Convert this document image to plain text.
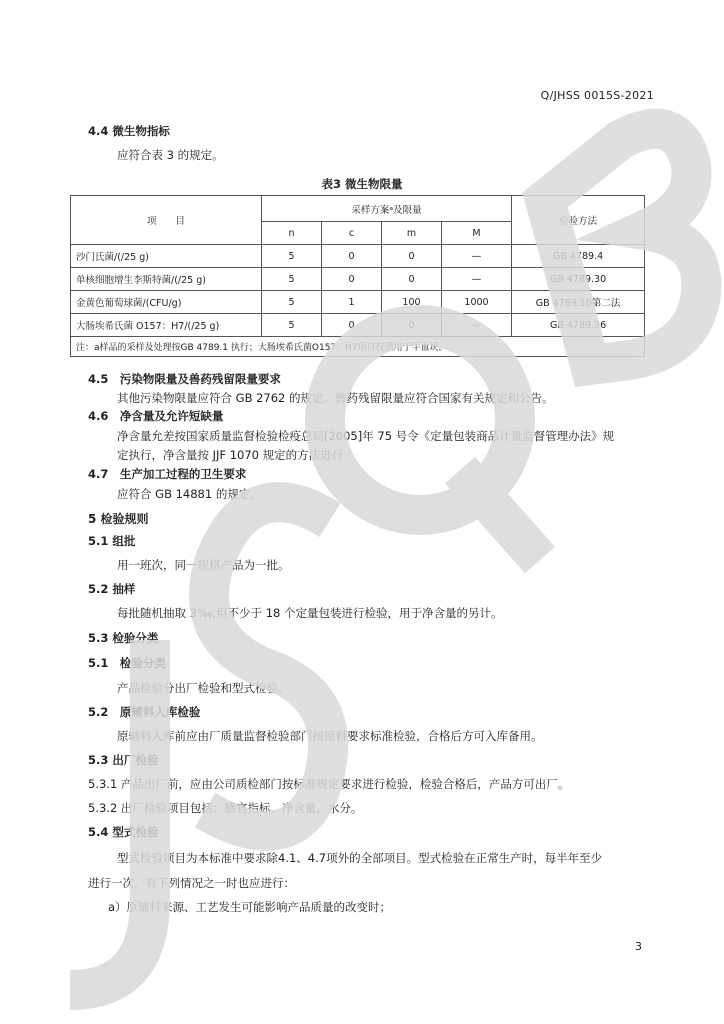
Q/JHSS 0015S-2021
4.4 微生物指标
应符合表 3 的规定。
表3 微生物限量
项　　目	采样方案ᵃ及限量				检验方法
	n	c	m	M	
沙门氏菌/(/25 g)	5	0	0	—	GB 4789.4
单核细胞增生李斯特菌/(/25 g)	5	0	0	—	GB 4789.30
金黄色葡萄球菌/(CFU/g)	5	1	100	1000	GB 4789.10第二法
大肠埃希氏菌 O157：H7/(/25 g)	5	0	0	—	GB 4789.36
注：a样品的采样及处理按GB 4789.1 执行；大肠埃希氏菌O157：H7项目仅适用于牛血块。					
4.5　污染物限量及兽药残留限量要求
其他污染物限量应符合 GB 2762 的规定。兽药残留限量应符合国家有关规定和公告。
4.6　净含量及允许短缺量
净含量允差按国家质量监督检验检疫总局[2005]年 75 号令《定量包装商品计量监督管理办法》规
定执行，净含量按 JJF 1070 规定的方法进行
4.7　生产加工过程的卫生要求
应符合 GB 14881 的规定。
5 检验规则
5.1 组批
用一班次，同一规格产品为一批。
5.2 抽样
每批随机抽取 3‰,但不少于 18 个定量包装进行检验，用于净含量的另计。
5.3 检验分类
5.1　检验分类
产品检验分出厂检验和型式检验。
5.2　原辅料入库检验
原辅料入库前应由厂质量监督检验部门按原料要求标准检验，合格后方可入库备用。
5.3 出厂检验
5.3.1 产品出厂前，应由公司质检部门按标准规定要求进行检验，检验合格后，产品方可出厂。
5.3.2 出厂检验项目包括：感官指标、净含量、水分。
5.4 型式检验
型式检验项目为本标准中要求除4.1、4.7项外的全部项目。型式检验在正常生产时，每半年至少
进行一次，有下列情况之一时也应进行：
a）原辅料来源、工艺发生可能影响产品质量的改变时；
3
